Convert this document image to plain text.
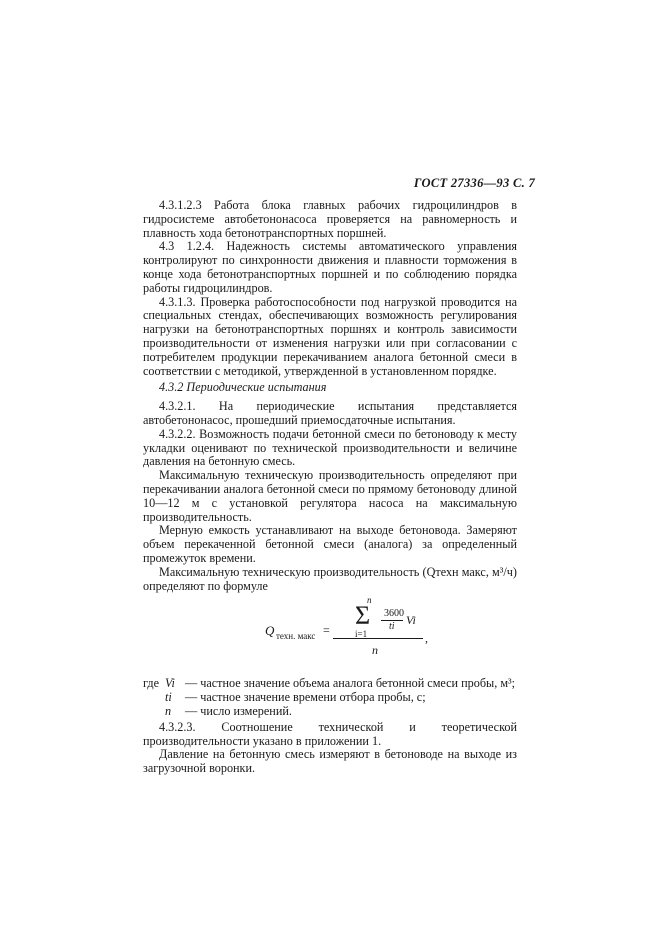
ГОСТ 27336—93 С. 7

4.3.1.2.3 Работа блока главных рабочих гидроцилиндров в гидросистеме автобетононасоса проверяется на равномерность и плавность хода бетонотранспортных поршней.

4.3 1.2.4. Надежность системы автоматического управления контролируют по синхронности движения и плавности торможения в конце хода бетонотранспортных поршней и по соблюдению порядка работы гидроцилиндров.

4.3.1.3. Проверка работоспособности под нагрузкой проводится на специальных стендах, обеспечивающих возможность регулирования нагрузки на бетонотранспортных поршнях и контроль зависимости производительности от изменения нагрузки или при согласовании с потребителем продукции перекачиванием аналога бетонной смеси в соответствии с методикой, утвержденной в установленном порядке.

4.3.2 Периодические испытания

4.3.2.1. На периодические испытания представляется автобетононасос, прошедший приемосдаточные испытания.

4.3.2.2. Возможность подачи бетонной смеси по бетоноводу к месту укладки оценивают по технической производительности и величине давления на бетонную смесь.

Максимальную техническую производительность определяют при перекачивании аналога бетонной смеси по прямому бетоноводу длиной 10—12 м с установкой регулятора насоса на максимальную производительность.

Мерную емкость устанавливают на выходе бетоновода. Замеряют объем перекаченной бетонной смеси (аналога) за определенный промежуток времени.

Максимальную техническую производительность (Qтехн макс, м³/ч) определяют по формуле

Q техн. макс =
n
Σ
i=1
3600
ti Vi
,
n
где Vi — частное значение объема аналога бетонной смеси пробы, м³;
ti	— частное значение времени отбора пробы, с;
n	— число измерений.

4.3.2.3. Соотношение технической и теоретической производительности указано в приложении 1.

Давление на бетонную смесь измеряют в бетоноводе на выходе из загрузочной воронки.
